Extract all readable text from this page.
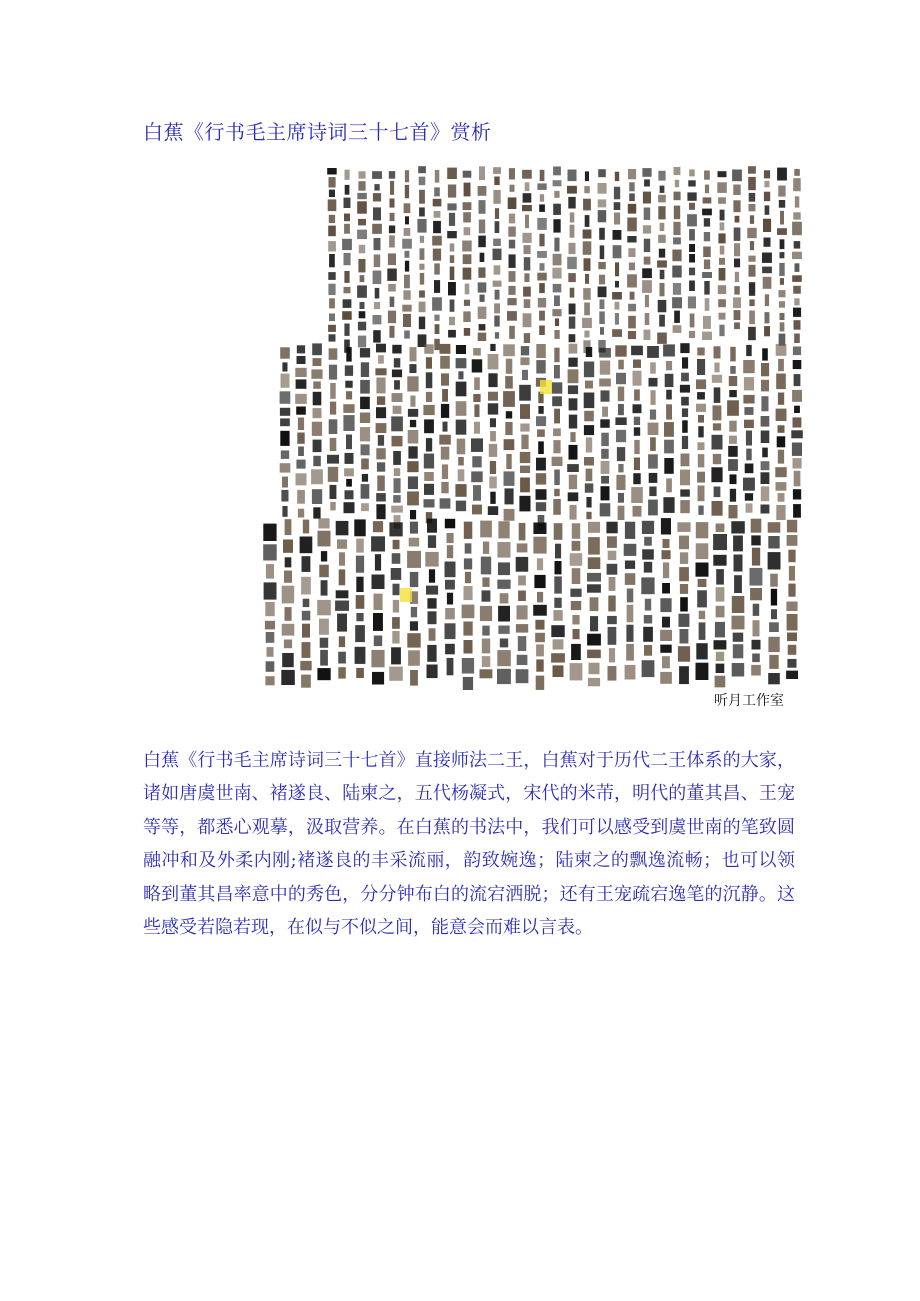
白蕉《行书毛主席诗词三十七首》赏析
听月工作室

白蕉《行书毛主席诗词三十七首》直接师法二王，白蕉对于历代二王体系的大家，诸如唐虞世南、褚遂良、陆柬之，五代杨凝式，宋代的米芾，明代的董其昌、王宠等等，都悉心观摹，汲取营养。在白蕉的书法中，我们可以感受到虞世南的笔致圆融冲和及外柔内刚;褚遂良的丰采流丽，韵致婉逸；陆柬之的飘逸流畅；也可以领略到董其昌率意中的秀色，分分钟布白的流宕洒脱；还有王宠疏宕逸笔的沉静。这些感受若隐若现，在似与不似之间，能意会而难以言表。
